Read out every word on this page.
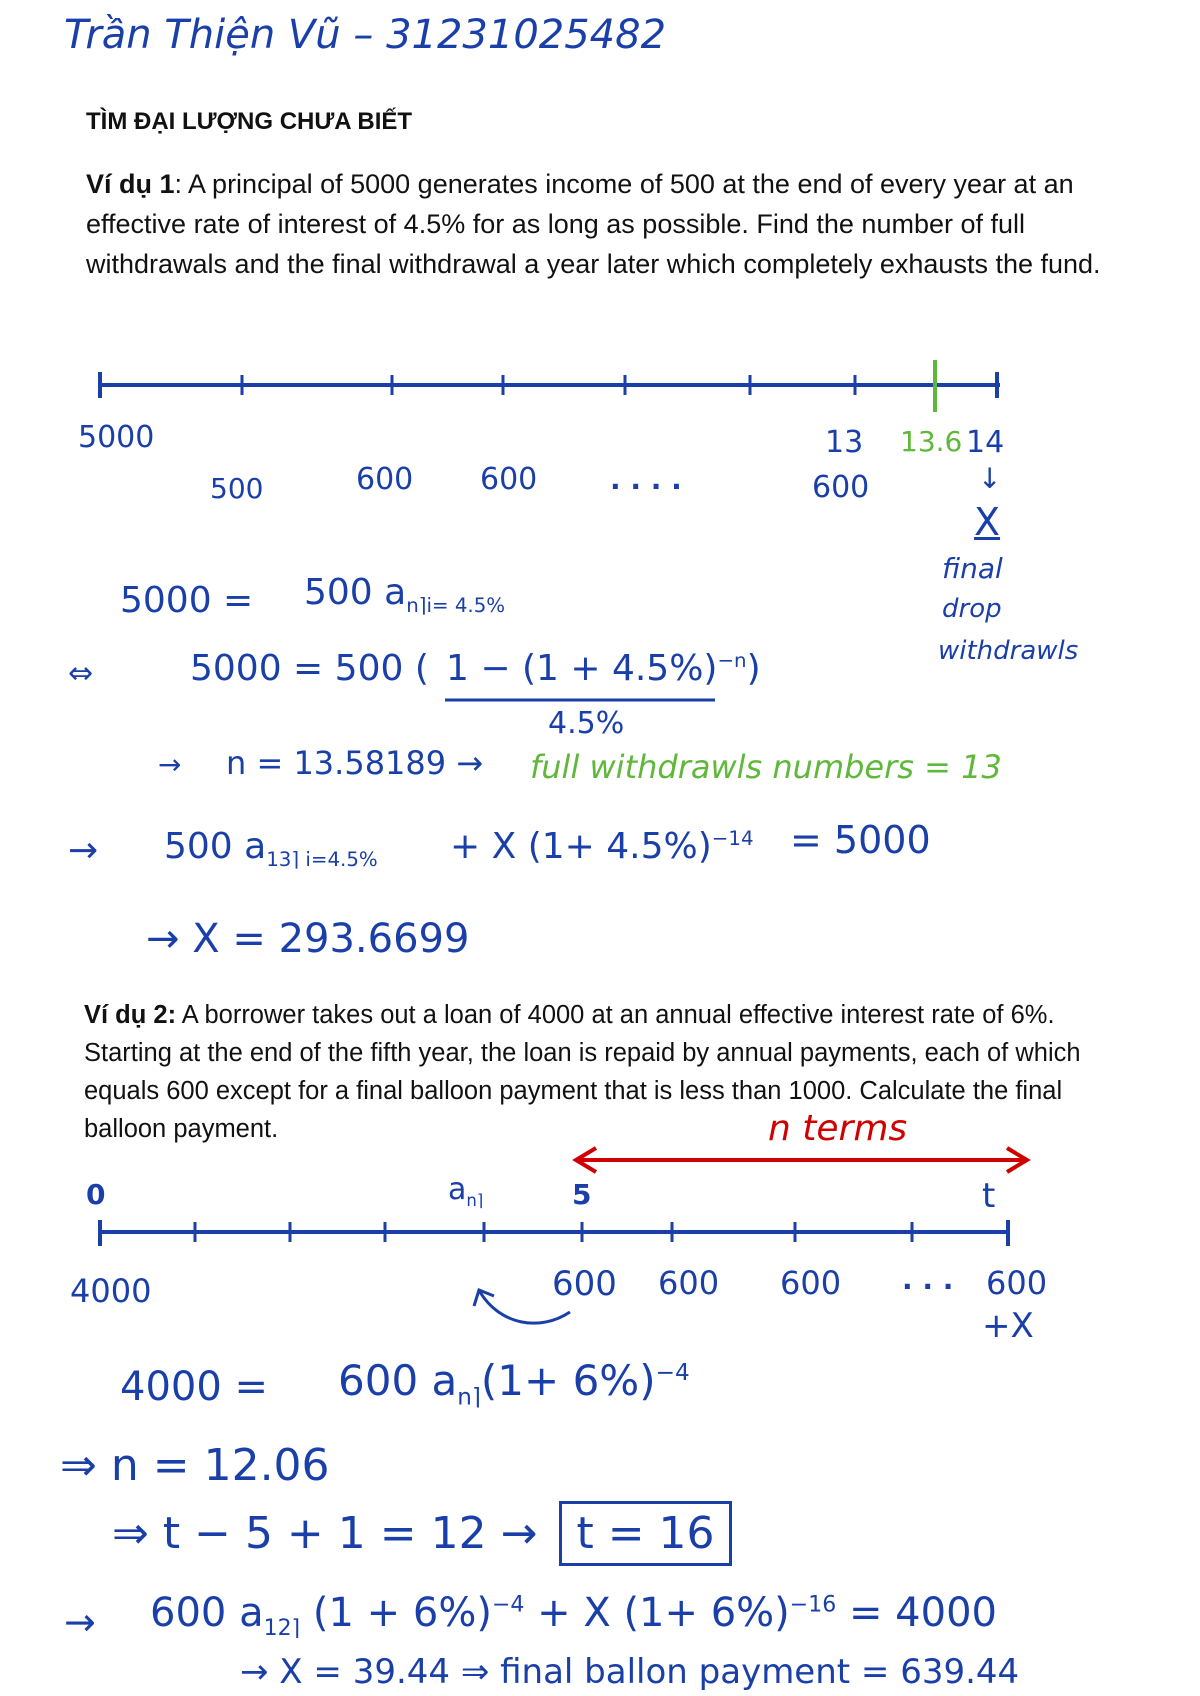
Trần Thiện Vũ – 31231025482
TÌM ĐẠI LƯỢNG CHƯA BIẾT
Ví dụ 1: A principal of 5000 generates income of 500 at the end of every year at an effective rate of interest of 4.5% for as long as possible. Find the number of full withdrawals and the final withdrawal a year later which completely exhausts the fund.
5000
500	600 600	· · · ·	600
13 13.6 14
↓
X
final
drop
withdrawls
5000 = 500 $a_{n⌉i= 4.5\%}$
⇔	5000 = 500 ( $1 - (1 + 4.5\%)^{-n}$)
4.5%
→ n = 13.58189 → full withdrawls numbers = 13
→ 500 $a_{13⌉ i=4.5\%} + X$ $(1+ 4.5\%)^{-14} = 5000$
→ X = 293.6699
Ví dụ 2: A borrower takes out a loan of 4000 at an annual effective interest rate of 6%. Starting at the end of the fifth year, the loan is repaid by annual payments, each of which equals 600 except for a final balloon payment that is less than 1000. Calculate the final balloon payment.	n terms
0	$a_{n⌉}$	5	t
4000	600 600 600 · · · 600
+X
4000 = 600 $a_{n⌉}(1+ 6\%)^{-4}$
⇒ n = 12.06
⇒ t − 5 + 1 = 12 → t = 16
→ 600 $a_{12⌉}$ $(1 + 6\%)^{-4} + X$ $(1+ 6\%)^{-16} = 4000$
→ X = 39.44 ⇒ final ballon payment = 639.44
